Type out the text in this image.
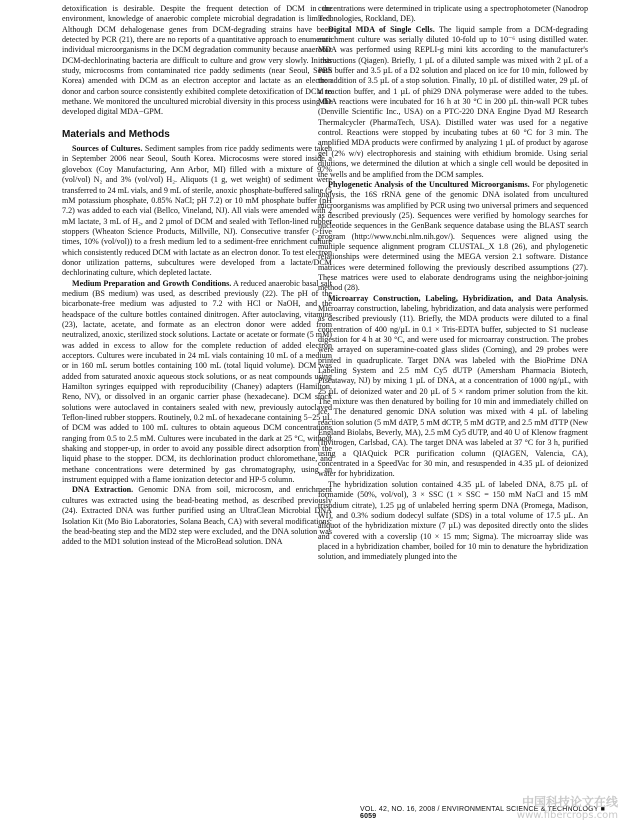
detoxification is desirable. Despite the frequent detection of DCM in the environment, knowledge of anaerobic complete microbial degradation is limited. Although DCM dehalogenase genes from DCM-degrading strains have been detected by PCR (21), there are no reports of a quantitative approach to enumerate individual microorganisms in the DCM degradation community because anaerobic DCM-dechlorinating bacteria are difficult to culture and grow very slowly. In this study, microcosms from contaminated rice paddy sediments (near Seoul, South Korea) amended with DCM as an electron acceptor and lactate as an electron donor and carbon source consistently exhibited complete detoxification of DCM to methane. We monitored the uncultured microbial diversity in this process using the developed digital MDA−GPM.

Materials and Methods

Sources of Cultures. Sediment samples from rice paddy sediments were taken in September 2006 near Seoul, South Korea. Microcosms were stored inside a glovebox (Coy Manufacturing, Ann Arbor, MI) filled with a mixture of 97% (vol/vol) N₂ and 3% (vol/vol) H₂. Aliquots (1 g, wet weight) of sediment were transferred to 24 mL vials, and 9 mL of sterile, anoxic phosphate-buffered saline (5 mM potassium phosphate, 0.85% NaCl; pH 7.2) or 10 mM phosphate buffer (pH 7.2) was added to each vial (Bellco, Vineland, NJ). All vials were amended with 2 mM lactate, 3 mL of H₂, and 2 µmol of DCM and sealed with Teflon-lined rubber stoppers (Wheaton Science Products, Millville, NJ). Consecutive transfer (>five times, 10% (vol/vol)) to a fresh medium led to a sediment-free enrichment culture which consistently reduced DCM with lactate as an electron donor. To test electron donor utilization patterns, subcultures were developed from a lactate/DCM dechlorinating culture, which depleted lactate.

Medium Preparation and Growth Conditions. A reduced anaerobic basal salt medium (BS medium) was used, as described previously (22). The pH of the bicarbonate-free medium was adjusted to 7.2 with HCl or NaOH, and the headspace of the culture bottles contained dinitrogen. After autoclaving, vitamins (23), lactate, acetate, and formate as an electron donor were added from neutralized, anoxic, sterilized stock solutions. Lactate or acetate or formate (5 mM) was added in excess to allow for the complete reduction of added electron acceptors. Cultures were incubated in 24 mL vials containing 10 mL of a medium or in 160 mL serum bottles containing 100 mL (total liquid volume). DCM was added from saturated anoxic aqueous stock solutions, or as neat compounds using Hamilton syringes equipped with reproducibility (Chaney) adapters (Hamilton, Reno, NV), or dissolved in an organic carrier phase (hexadecane). DCM stock solutions were autoclaved in containers sealed with new, previously autoclaved Teflon-lined rubber stoppers. Routinely, 0.2 mL of hexadecane containing 5−25 µL of DCM was added to 100 mL cultures to obtain aqueous DCM concentrations ranging from 0.5 to 2.5 mM. Cultures were incubated in the dark at 25 °C, without shaking and stopper-up, in order to avoid any possible direct adsorption from the liquid phase to the stopper. DCM, its dechlorination product chloromethane, and methane concentrations were determined by gas chromatography, using an instrument equipped with a flame ionization detector and HP-5 column.

DNA Extraction. Genomic DNA from soil, microcosm, and enrichment cultures was extracted using the bead-beating method, as described previously (24). Extracted DNA was further purified using an UltraClean Microbial DNA Isolation Kit (Mo Bio Laboratories, Solana Beach, CA) with several modifications: the bead-beating step and the MD2 step were excluded, and the DNA solution was added to the MD1 solution instead of the MicroBead solution. DNA

concentrations were determined in triplicate using a spectrophotometer (Nanodrop Technologies, Rockland, DE).

Digital MDA of Single Cells. The liquid sample from a DCM-degrading enrichment culture was serially diluted 10-fold up to 10⁻⁶ using distilled water. MDA was performed using REPLI-g mini kits according to the manufacturer's instructions (Qiagen). Briefly, 1 µL of a diluted sample was mixed with 2 µL of a PBS buffer and 3.5 µL of a D2 solution and placed on ice for 10 min, followed by the addition of 3.5 µL of a stop solution. Finally, 10 µL of distilled water, 29 µL of a reaction buffer, and 1 µL of phi29 DNA polymerase were added to the tubes. MDA reactions were incubated for 16 h at 30 °C in 200 µL thin-wall PCR tubes (Denville Scientific Inc., USA) on a PTC-220 DNA Engine Dyad MJ Research Thermalcycler (PharmaTech, USA). Distilled water was used for a negative control. Reactions were stopped by incubating tubes at 60 °C for 3 min. The amplified MDA products were confirmed by analyzing 1 µL of product by agarose gel (2% w/v) electrophoresis and staining with ethidium bromide. Using serial dilutions, we determined the dilution at which a single cell would be deposited in the wells and be amplified from the DCM samples.

Phylogenetic Analysis of the Uncultured Microorganisms. For phylogenetic analysis, the 16S rRNA gene of the genomic DNA isolated from uncultured microorganisms was amplified by PCR using two universal primers and sequenced as described previously (25). Sequences were verified by homology searches for nucleotide sequences in the GenBank sequence database using the BLAST search program (http://www.ncbi.nlm.nih.gov/). Sequences were aligned using the multiple sequence alignment program CLUSTAL_X 1.8 (26), and phylogenetic relationships were determined using the MEGA version 2.1 software. Distance matrices were determined following the previously described assumptions (27). These matrices were used to elaborate dendrograms using the neighbor-joining method (28).

Microarray Construction, Labeling, Hybridization, and Data Analysis. Microarray construction, labeling, hybridization, and data analysis were performed as described previously (11). Briefly, the MDA products were diluted to a final concentration of 400 ng/µL in 0.1 × Tris-EDTA buffer, subjected to S1 nuclease digestion for 4 h at 30 °C, and were used for microarray construction. The probes were arrayed on superamine-coated glass slides (Corning), and 29 probes were printed in quadruplicate. Target DNA was labeled with the BioPrime DNA Labeling System and 2.5 mM Cy5 dUTP (Amersham Pharmacia Biotech, Piscataway, NJ) by mixing 1 µL of DNA, at a concentration of 1000 ng/µL, with 25 µL of deionized water and 20 µL of 5 × random primer solution from the kit. The mixture was then denatured by boiling for 10 min and immediately chilled on ice. The denatured genomic DNA solution was mixed with 4 µL of labeling reaction solution (5 mM dATP, 5 mM dCTP, 5 mM dGTP, and 2.5 mM dTTP (New England Biolabs, Beverly, MA), 2.5 mM Cy5 dUTP, and 40 U of Klenow fragment (Invitrogen, Carlsbad, CA). The target DNA was labeled at 37 °C for 3 h, purified using a QIAQuick PCR purification column (QIAGEN, Valencia, CA), concentrated in a SpeedVac for 30 min, and resuspended in 4.35 µL of deionized water for hybridization.

The hybridization solution contained 4.35 µL of labeled DNA, 8.75 µL of formamide (50%, vol/vol), 3 × SSC (1 × SSC = 150 mM NaCl and 15 mM trisodium citrate), 1.25 µg of unlabeled herring sperm DNA (Promega, Madison, WI), and 0.3% sodium dodecyl sulfate (SDS) in a total volume of 17.5 µL. An aliquot of the hybridization mixture (7 µL) was deposited directly onto the slides and covered with a coverslip (10 × 15 mm; Sigma). The microarray slide was placed in a hybridization chamber, boiled for 10 min to denature the hybridization solution, and immediately plunged into the

VOL. 42, NO. 16, 2008 / ENVIRONMENTAL SCIENCE & TECHNOLOGY ■ 6059
中国科技论文在线
www.fibercrops.com
